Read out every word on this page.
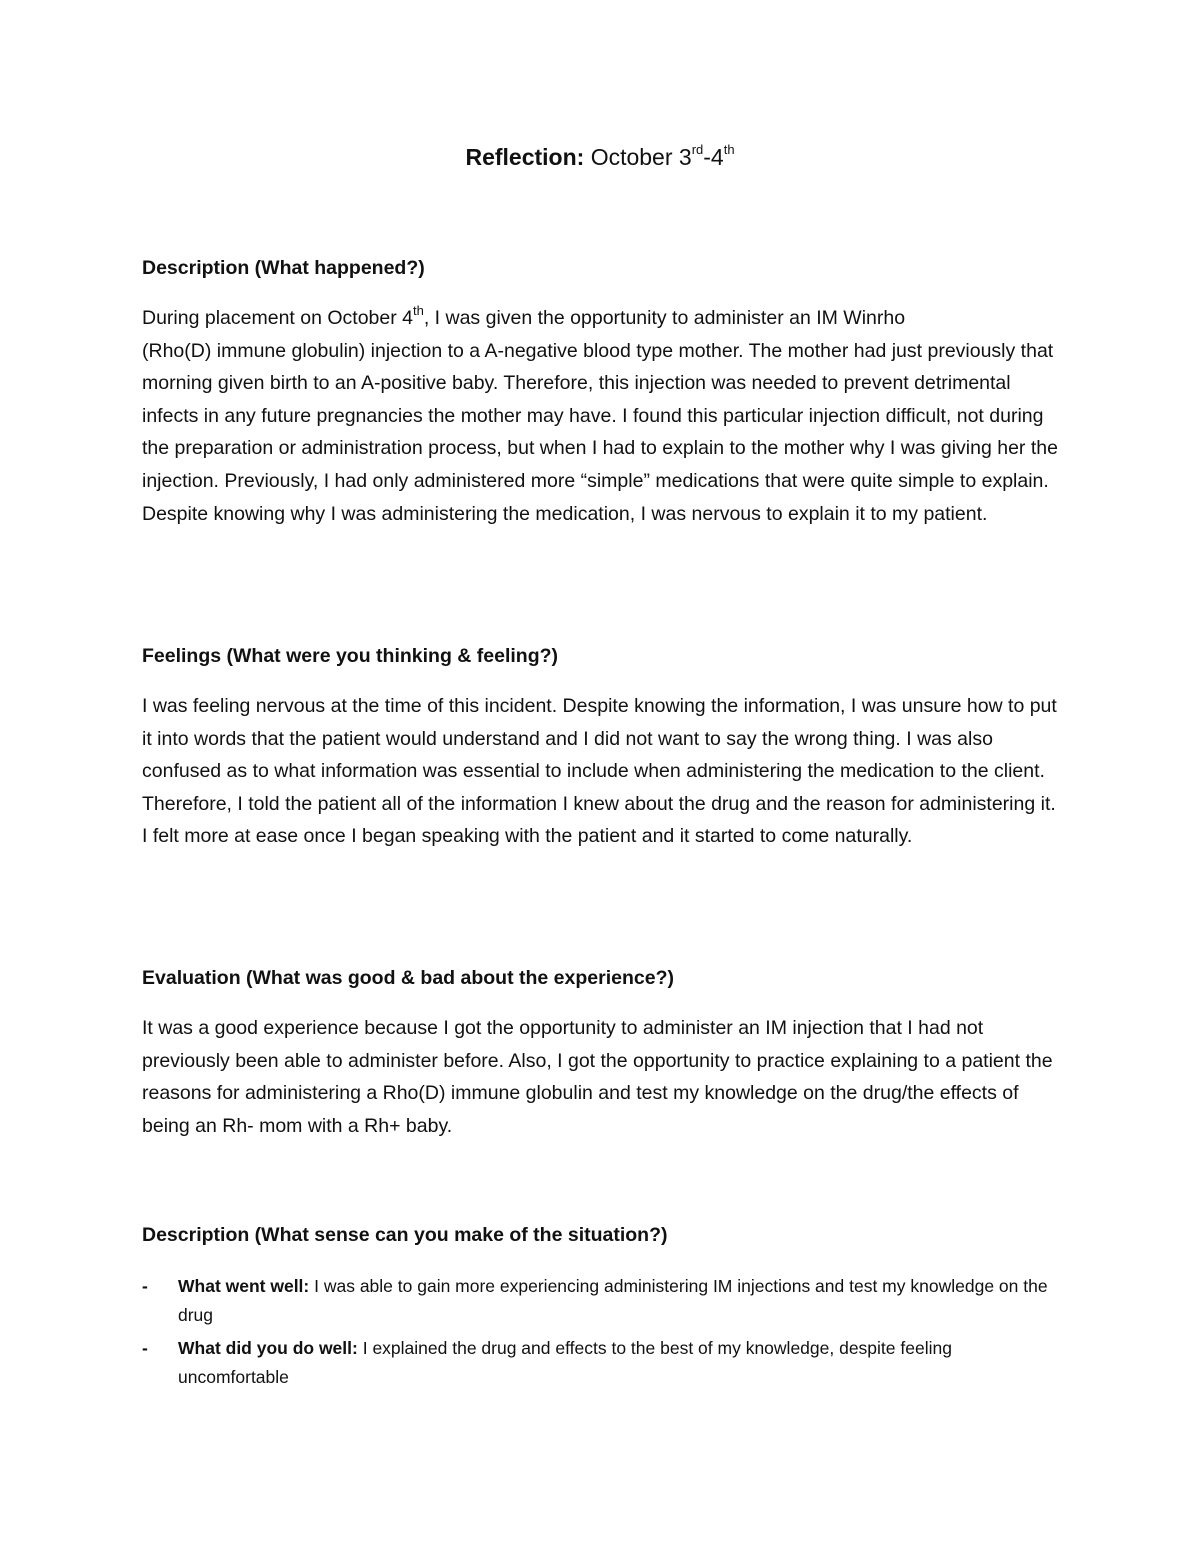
Reflection: October 3rd-4th

Description (What happened?)

During placement on October 4th, I was given the opportunity to administer an IM Winrho
(Rho(D) immune globulin) injection to a A-negative blood type mother. The mother had just previously that morning given birth to an A-positive baby. Therefore, this injection was needed to prevent detrimental infects in any future pregnancies the mother may have. I found this particular injection difficult, not during the preparation or administration process, but when I had to explain to the mother why I was giving her the injection. Previously, I had only administered more “simple” medications that were quite simple to explain. Despite knowing why I was administering the medication, I was nervous to explain it to my patient.

Feelings (What were you thinking & feeling?)

I was feeling nervous at the time of this incident. Despite knowing the information, I was unsure how to put it into words that the patient would understand and I did not want to say the wrong thing. I was also confused as to what information was essential to include when administering the medication to the client. Therefore, I told the patient all of the information I knew about the drug and the reason for administering it. I felt more at ease once I began speaking with the patient and it started to come naturally.

Evaluation (What was good & bad about the experience?)

It was a good experience because I got the opportunity to administer an IM injection that I had not previously been able to administer before. Also, I got the opportunity to practice explaining to a patient the reasons for administering a Rho(D) immune globulin and test my knowledge on the drug/the effects of being an Rh- mom with a Rh+ baby.

Description (What sense can you make of the situation?)

- What went well: I was able to gain more experiencing administering IM injections and test my knowledge on the drug
- What did you do well: I explained the drug and effects to the best of my knowledge, despite feeling uncomfortable
